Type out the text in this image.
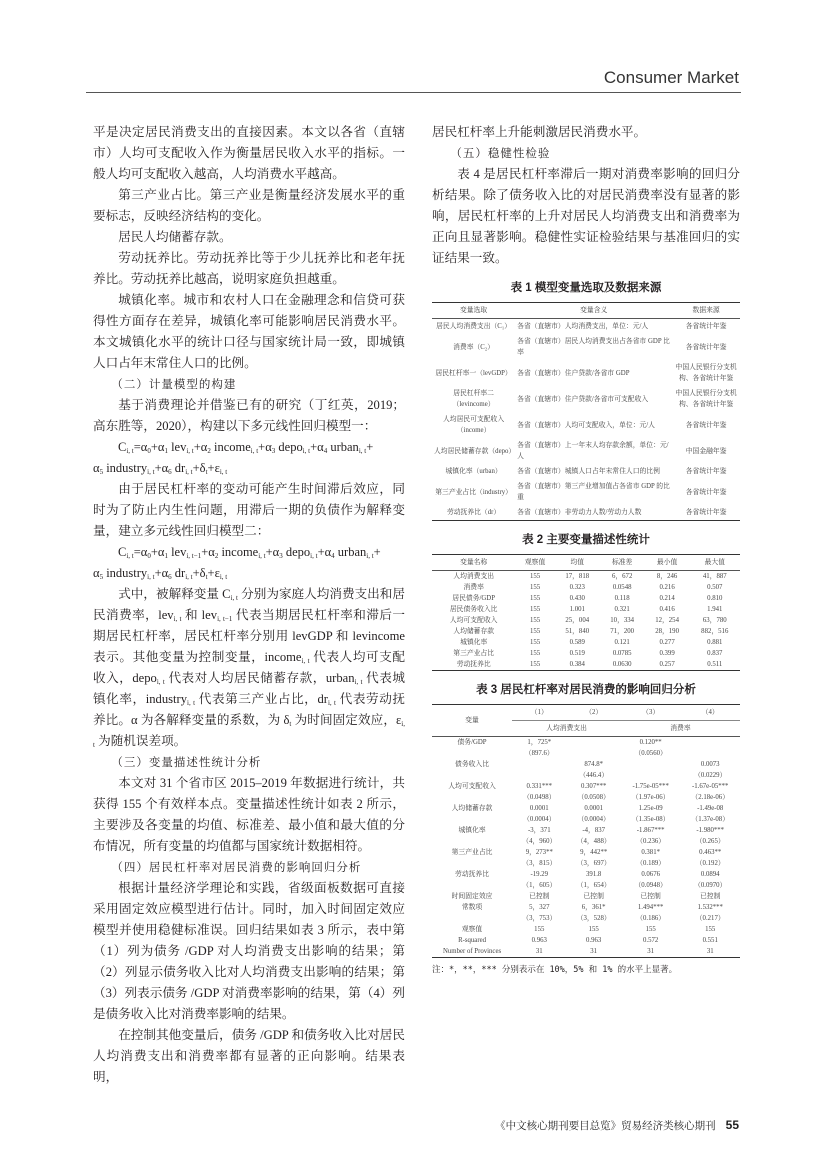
Consumer Market
平是决定居民消费支出的直接因素。本文以各省（直辖市）人均可支配收入作为衡量居民收入水平的指标。一般人均可支配收入越高，人均消费水平越高。
第三产业占比。第三产业是衡量经济发展水平的重要标志，反映经济结构的变化。
居民人均储蓄存款。
劳动抚养比。劳动抚养比等于少儿抚养比和老年抚养比。劳动抚养比越高，说明家庭负担越重。
城镇化率。城市和农村人口在金融理念和信贷可获得性方面存在差异，城镇化率可能影响居民消费水平。本文城镇化水平的统计口径与国家统计局一致，即城镇人口占年末常住人口的比例。
（二）计量模型的构建
基于消费理论并借鉴已有的研究（丁红英，2019；高东胜等，2020），构建以下多元线性回归模型一：
$C_{i, t}=\alpha_0+\alpha_1$ $lev_{i, t}+\alpha_2$ $income_{i, t}+\alpha_3$ $depo_{i, t}+\alpha_4$ urban$_{i, t}$+
$\alpha_5$ $industry_{i, t}+\alpha_6$ $dr_{i, t}+\delta_t+\varepsilon_{i, t}$
由于居民杠杆率的变动可能产生时间滞后效应，同时为了防止内生性问题，用滞后一期的负债作为解释变量，建立多元线性回归模型二：
$C_{i, t}=\alpha_0+\alpha_1$ $lev_{i, t-1}+\alpha_2$ $income_{i, t}+\alpha_3$ $depo_{i, t}+\alpha_4$ urban$_{i, t}$+
$\alpha_5$ $industry_{i, t}+\alpha_6$ $dr_{i, t}+\delta_t+\varepsilon_{i, t}$
式中，被解释变量 $C_{i, t}$ 分别为家庭人均消费支出和居民消费率，lev$_{i, t}$ 和 lev$_{i, t-1}$ 代表当期居民杠杆率和滞后一期居民杠杆率，居民杠杆率分别用 levGDP 和 levincome 表示。其他变量为控制变量，income$_{i, t}$ 代表人均可支配收入，depo$_{i, t}$ 代表对人均居民储蓄存款，urban$_{i, t}$ 代表城镇化率，industry$_{i, t}$ 代表第三产业占比，$dr_{i, t}$ 代表劳动抚养比。α 为各解释变量的系数，为 $\delta_t$ 为时间固定效应，$\varepsilon_{i, t}$ 为随机误差项。
（三）变量描述性统计分析
本文对 31 个省市区 2015–2019 年数据进行统计，共获得 155 个有效样本点。变量描述性统计如表 2 所示，主要涉及各变量的均值、标准差、最小值和最大值的分布情况，所有变量的均值都与国家统计数据相符。
（四）居民杠杆率对居民消费的影响回归分析
根据计量经济学理论和实践，省级面板数据可直接采用固定效应模型进行估计。同时，加入时间固定效应模型并使用稳健标准误。回归结果如表 3 所示，表中第（1）列为债务 /GDP 对人均消费支出影响的结果；第（2）列显示债务收入比对人均消费支出影响的结果；第（3）列表示债务 /GDP 对消费率影响的结果，第（4）列是债务收入比对消费率影响的结果。
在控制其他变量后，债务 /GDP 和债务收入比对居民人均消费支出和消费率都有显著的正向影响。结果表明，
居民杠杆率上升能刺激居民消费水平。
（五）稳健性检验
表 4 是居民杠杆率滞后一期对消费率影响的回归分析结果。除了债务收入比的对居民消费率没有显著的影响，居民杠杆率的上升对居民人均消费支出和消费率为正向且显著影响。稳健性实证检验结果与基准回归的实证结果一致。
表 1 模型变量选取及数据来源
变量选取	变量含义	数据来源
居民人均消费支出（C₁）	各省（直辖市）人均消费支出，单位：元/人	各省统计年鉴
消费率（C₂）	各省（直辖市）居民人均消费支出占各省市 GDP 比率	各省统计年鉴
居民杠杆率一（levGDP）	各省（直辖市）住户贷款/各省市 GDP	中国人民银行分支机构、各省统计年鉴
居民杠杆率二（levincome）	各省（直辖市）住户贷款/各省市可支配收入	中国人民银行分支机构、各省统计年鉴
人均居民可支配收入（income）	各省（直辖市）人均可支配收入，单位：元/人	各省统计年鉴
人均居民储蓄存款（depo）	各省（直辖市）上一年末人均存款余额，单位：元/人	中国金融年鉴
城镇化率（urban）	各省（直辖市）城镇人口占年末常住人口的比例	各省统计年鉴
第三产业占比（industry）	各省（直辖市）第三产业增加值占各省市 GDP 的比重	各省统计年鉴
劳动抚养比（dr）	各省（直辖市）非劳动力人数/劳动力人数	各省统计年鉴
表 2 主要变量描述性统计
变量名称	观察值	均值	标准差	最小值	最大值
人均消费支出	155	17，818	6，672	8，246	41，887
消费率	155	0.323	0.0548	0.216	0.507
居民债务/GDP	155	0.430	0.118	0.214	0.810
居民债务收入比	155	1.001	0.321	0.416	1.941
人均可支配收入	155	25，004	10，334	12，254	63，780
人均储蓄存款	155	51，840	71，200	28，190	882，516
城镇化率	155	0.589	0.121	0.277	0.881
第三产业占比	155	0.519	0.0785	0.399	0.837
劳动抚养比	155	0.384	0.0630	0.257	0.511
表 3 居民杠杆率对居民消费的影响回归分析
变量	（1）	（2）	（3）	（4）
	人均消费支出		消费率	
债务/GDP	1，725*		0.120**	
	（897.6）		（0.0560）	
债务收入比		874.8*		0.0073
		（446.4）		（0.0229）
人均可支配收入	0.331***	0.307***	-1.75e-05***	-1.67e-05***
	（0.0498）	（0.0508）	（1.97e-06）	（2.18e-06）
人均储蓄存款	0.0001	0.0001	1.25e-09	-1.49e-08
	（0.0004）	（0.0004）	（1.35e-08）	（1.37e-08）
城镇化率	-3，371	-4，837	-1.867***	-1.980***
	（4，960）	（4，488）	（0.236）	（0.265）
第三产业占比	9，273**	9，442**	0.381*	0.463**
	（3，815）	（3，697）	（0.189）	（0.192）
劳动抚养比	-19.29	391.8	0.0676	0.0894
	（1，605）	（1，654）	（0.0948）	（0.0970）
时间固定效应	已控制	已控制	已控制	已控制
常数项	5，327	6，361*	1.494***	1.532***
	（3，753）	（3，528）	（0.186）	（0.217）
观察值	155	155	155	155
R-squared	0.963	0.963	0.572	0.551
Number of Provinces	31	31	31	31
注：*，**，*** 分别表示在 10%，5% 和 1% 的水平上显著。
《中文核心期刊要目总览》贸易经济类核心期刊 55
